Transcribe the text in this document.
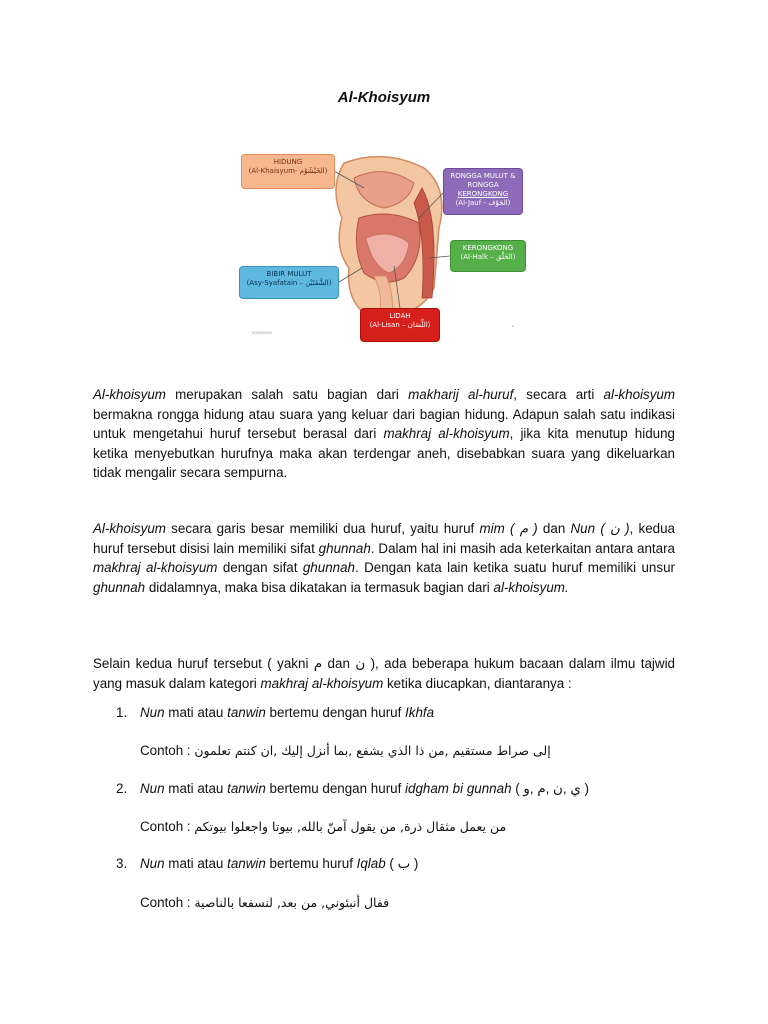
Al-Khoisyum
HIDUNG
(Al-Khaisyum- الخَيْشُوْم)
RONGGA MULUT &
RONGGA
KERONGKONG
(Al-Jauf - الجَوْف)
KERONGKONG
(Al-Halk – الحَلْق)
BIBIR MULUT
(Asy-Syafatain – الشَّفَتَيْن)
LIDAH
(Al-Lisan – اللِّسَان)
00/00/0000
•
Al-khoisyum merupakan salah satu bagian dari makharij al-huruf, secara arti al-khoisyum bermakna rongga hidung atau suara yang keluar dari bagian hidung. Adapun salah satu indikasi untuk mengetahui huruf tersebut berasal dari makhraj al-khoisyum, jika kita menutup hidung ketika menyebutkan hurufnya maka akan terdengar aneh, disebabkan suara yang dikeluarkan tidak mengalir secara sempurna.
Al-khoisyum secara garis besar memiliki dua huruf, yaitu huruf mim ( م ) dan Nun ( ن ), kedua huruf tersebut disisi lain memiliki sifat ghunnah. Dalam hal ini masih ada keterkaitan antara antara makhraj al-khoisyum dengan sifat ghunnah. Dengan kata lain ketika suatu huruf memiliki unsur ghunnah didalamnya, maka bisa dikatakan ia termasuk bagian dari al-khoisyum.
Selain kedua huruf tersebut ( yakni م dan ن ), ada beberapa hukum bacaan dalam ilmu tajwid yang masuk dalam kategori makhraj al-khoisyum ketika diucapkan, diantaranya :
1. Nun mati atau tanwin bertemu dengan huruf Ikhfa
Contoh : إلى صراط مستقيم ,من ذا الذي يشفع ,بما أنزل إليك ,ان كنتم تعلمون
2. Nun mati atau tanwin bertemu dengan huruf idgham bi gunnah ( ي ,ن ,م ,و )
Contoh : من يعمل مثقال ذرة, من يقول آمنّ بالله, بيوتا واجعلوا بيوتكم
3. Nun mati atau tanwin bertemu huruf Iqlab ( ب )
Contoh : ففال أنبئوني, من بعد, لنسفعا بالناصية
